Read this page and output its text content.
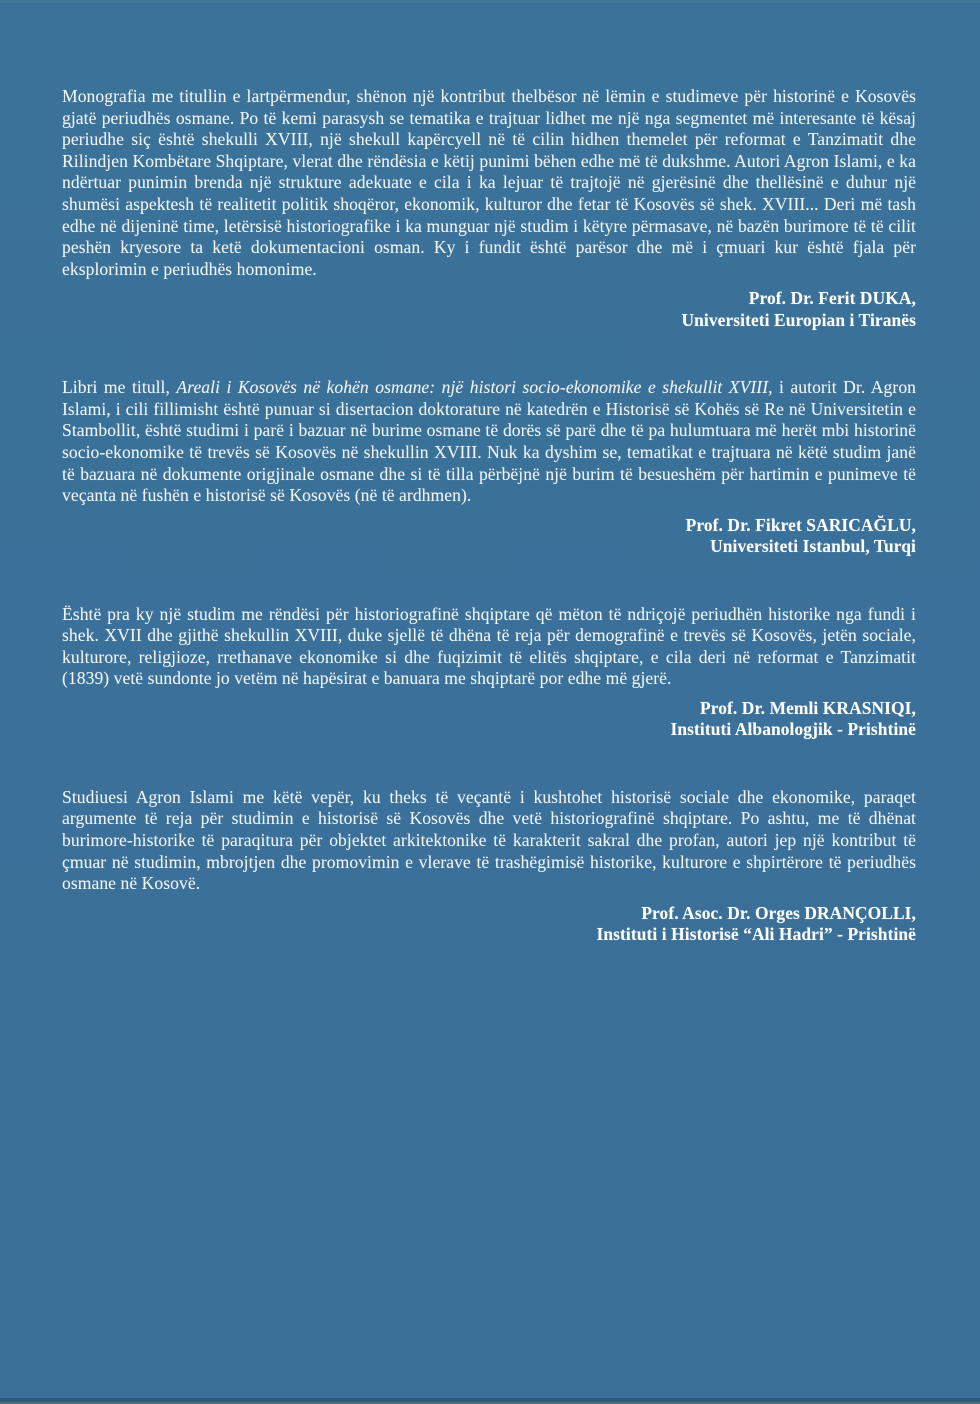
Monografia me titullin e lartpërmendur, shënon një kontribut thelbësor në lëmin e studimeve për historinë e Kosovës gjatë periudhës osmane. Po të kemi parasysh se tematika e trajtuar lidhet me një nga segmentet më interesante të kësaj periudhe siç është shekulli XVIII, një shekull kapërcyell në të cilin hidhen themelet për reformat e Tanzimatit dhe Rilindjen Kombëtare Shqiptare, vlerat dhe rëndësia e këtij punimi bëhen edhe më të dukshme. Autori Agron Islami, e ka ndërtuar punimin brenda një strukture adekuate e cila i ka lejuar të trajtojë në gjerësinë dhe thellësinë e duhur një shumësi aspektesh të realitetit politik shoqëror, ekonomik, kulturor dhe fetar të Kosovës së shek. XVIII... Deri më tash edhe në dijeninë time, letërsisë historiografike i ka munguar një studim i këtyre përmasave, në bazën burimore të të cilit peshën kryesore ta ketë dokumentacioni osman. Ky i fundit është parësor dhe më i çmuari kur është fjala për eksplorimin e periudhës homonime.

Prof. Dr. Ferit DUKA,
Universiteti Europian i Tiranës

Libri me titull, Areali i Kosovës në kohën osmane: një histori socio-ekonomike e shekullit XVIII, i autorit Dr. Agron Islami, i cili fillimisht është punuar si disertacion doktorature në katedrën e Historisë së Kohës së Re në Universitetin e Stambollit, është studimi i parë i bazuar në burime osmane të dorës së parë dhe të pa hulumtuara më herët mbi historinë socio-ekonomike të trevës së Kosovës në shekullin XVIII. Nuk ka dyshim se, tematikat e trajtuara në këtë studim janë të bazuara në dokumente origjinale osmane dhe si të tilla përbëjnë një burim të besueshëm për hartimin e punimeve të veçanta në fushën e historisë së Kosovës (në të ardhmen).

Prof. Dr. Fikret SARICAĞLU,
Universiteti Istanbul, Turqi

Është pra ky një studim me rëndësi për historiografinë shqiptare që mëton të ndriçojë periudhën historike nga fundi i shek. XVII dhe gjithë shekullin XVIII, duke sjellë të dhëna të reja për demografinë e trevës së Kosovës, jetën sociale, kulturore, religjioze, rrethanave ekonomike si dhe fuqizimit të elitës shqiptare, e cila deri në reformat e Tanzimatit (1839) vetë sundonte jo vetëm në hapësirat e banuara me shqiptarë por edhe më gjerë.

Prof. Dr. Memli KRASNIQI,
Instituti Albanologjik - Prishtinë

Studiuesi Agron Islami me këtë vepër, ku theks të veçantë i kushtohet historisë sociale dhe ekonomike, paraqet argumente të reja për studimin e historisë së Kosovës dhe vetë historiografinë shqiptare. Po ashtu, me të dhënat burimore-historike të paraqitura për objektet arkitektonike të karakterit sakral dhe profan, autori jep një kontribut të çmuar në studimin, mbrojtjen dhe promovimin e vlerave të trashëgimisë historike, kulturore e shpirtërore të periudhës osmane në Kosovë.

Prof. Asoc. Dr. Orges DRANÇOLLI,
Instituti i Historisë “Ali Hadri” - Prishtinë
